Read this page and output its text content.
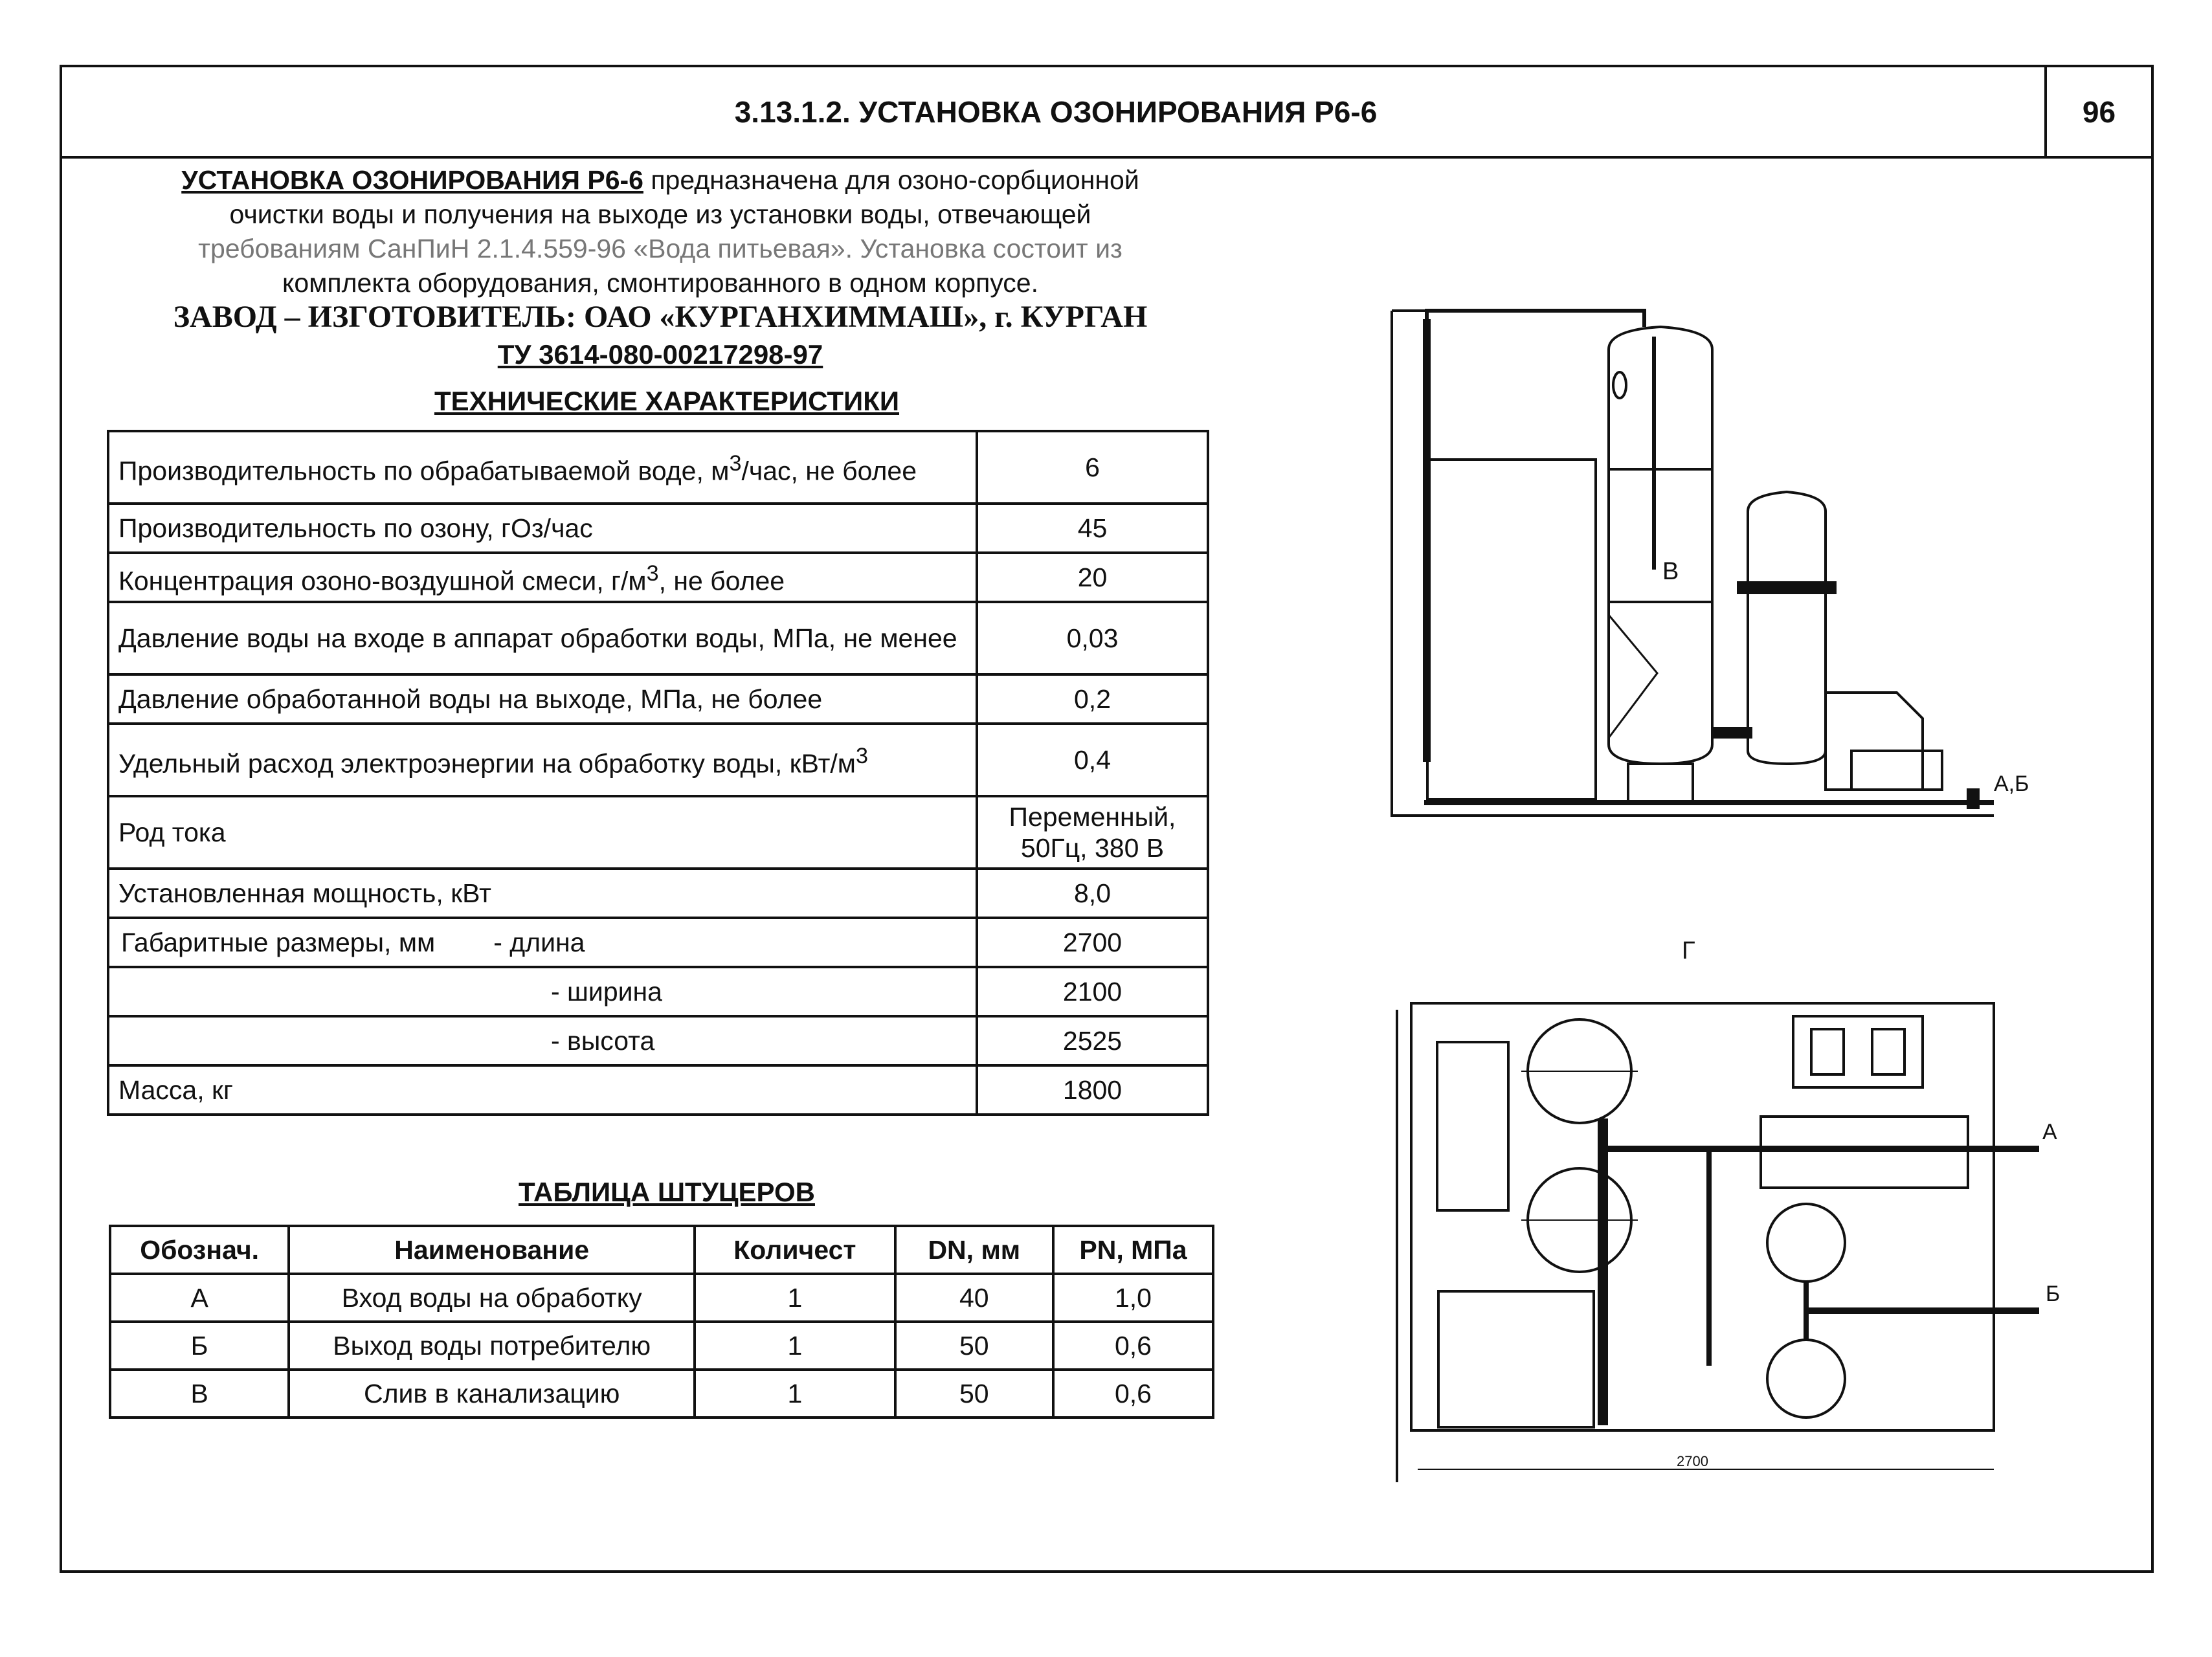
3.13.1.2. УСТАНОВКА ОЗОНИРОВАНИЯ Р6-6	96
УСТАНОВКА ОЗОНИРОВАНИЯ Р6-6 предназначена для озоно-сорбционной
очистки воды и получения на выходе из установки воды, отвечающей
требованиям СанПиН 2.1.4.559-96 «Вода питьевая». Установка состоит из
комплекта оборудования, смонтированного в одном корпусе.
ЗАВОД – ИЗГОТОВИТЕЛЬ: ОАО «КУРГАНХИММАШ», г. КУРГАН
ТУ 3614-080-00217298-97
ТЕХНИЧЕСКИЕ ХАРАКТЕРИСТИКИ
Производительность по обрабатываемой воде, $м^3$/час, не более	6
Производительность по озону, гОз/час	45
Концентрация озоно-воздушной смеси, $г/м^3$, не более	20
Давление воды на входе в аппарат обработки воды, МПа, не менее	0,03
Давление обработанной воды на выходе, МПа, не более	0,2
Удельный расход электроэнергии на обработку воды, кВт/$м^3$	0,4
Род тока	Переменный,
50Гц, 380 В

Установленная мощность, кВт	8,0
Габаритные размеры, мм - длина	2700
- ширина	2100
- высота	2525
Масса, кг	1800
ТАБЛИЦА ШТУЦЕРОВ
Обознач.	Наименование	Количест	DN, мм	PN, МПа
А	Вход воды на обработку	1	40	1,0
Б	Выход воды потребителю	1	50	0,6
В	Слив в канализацию	1	50	0,6
В
А,Б
Г
2700
А
Б
